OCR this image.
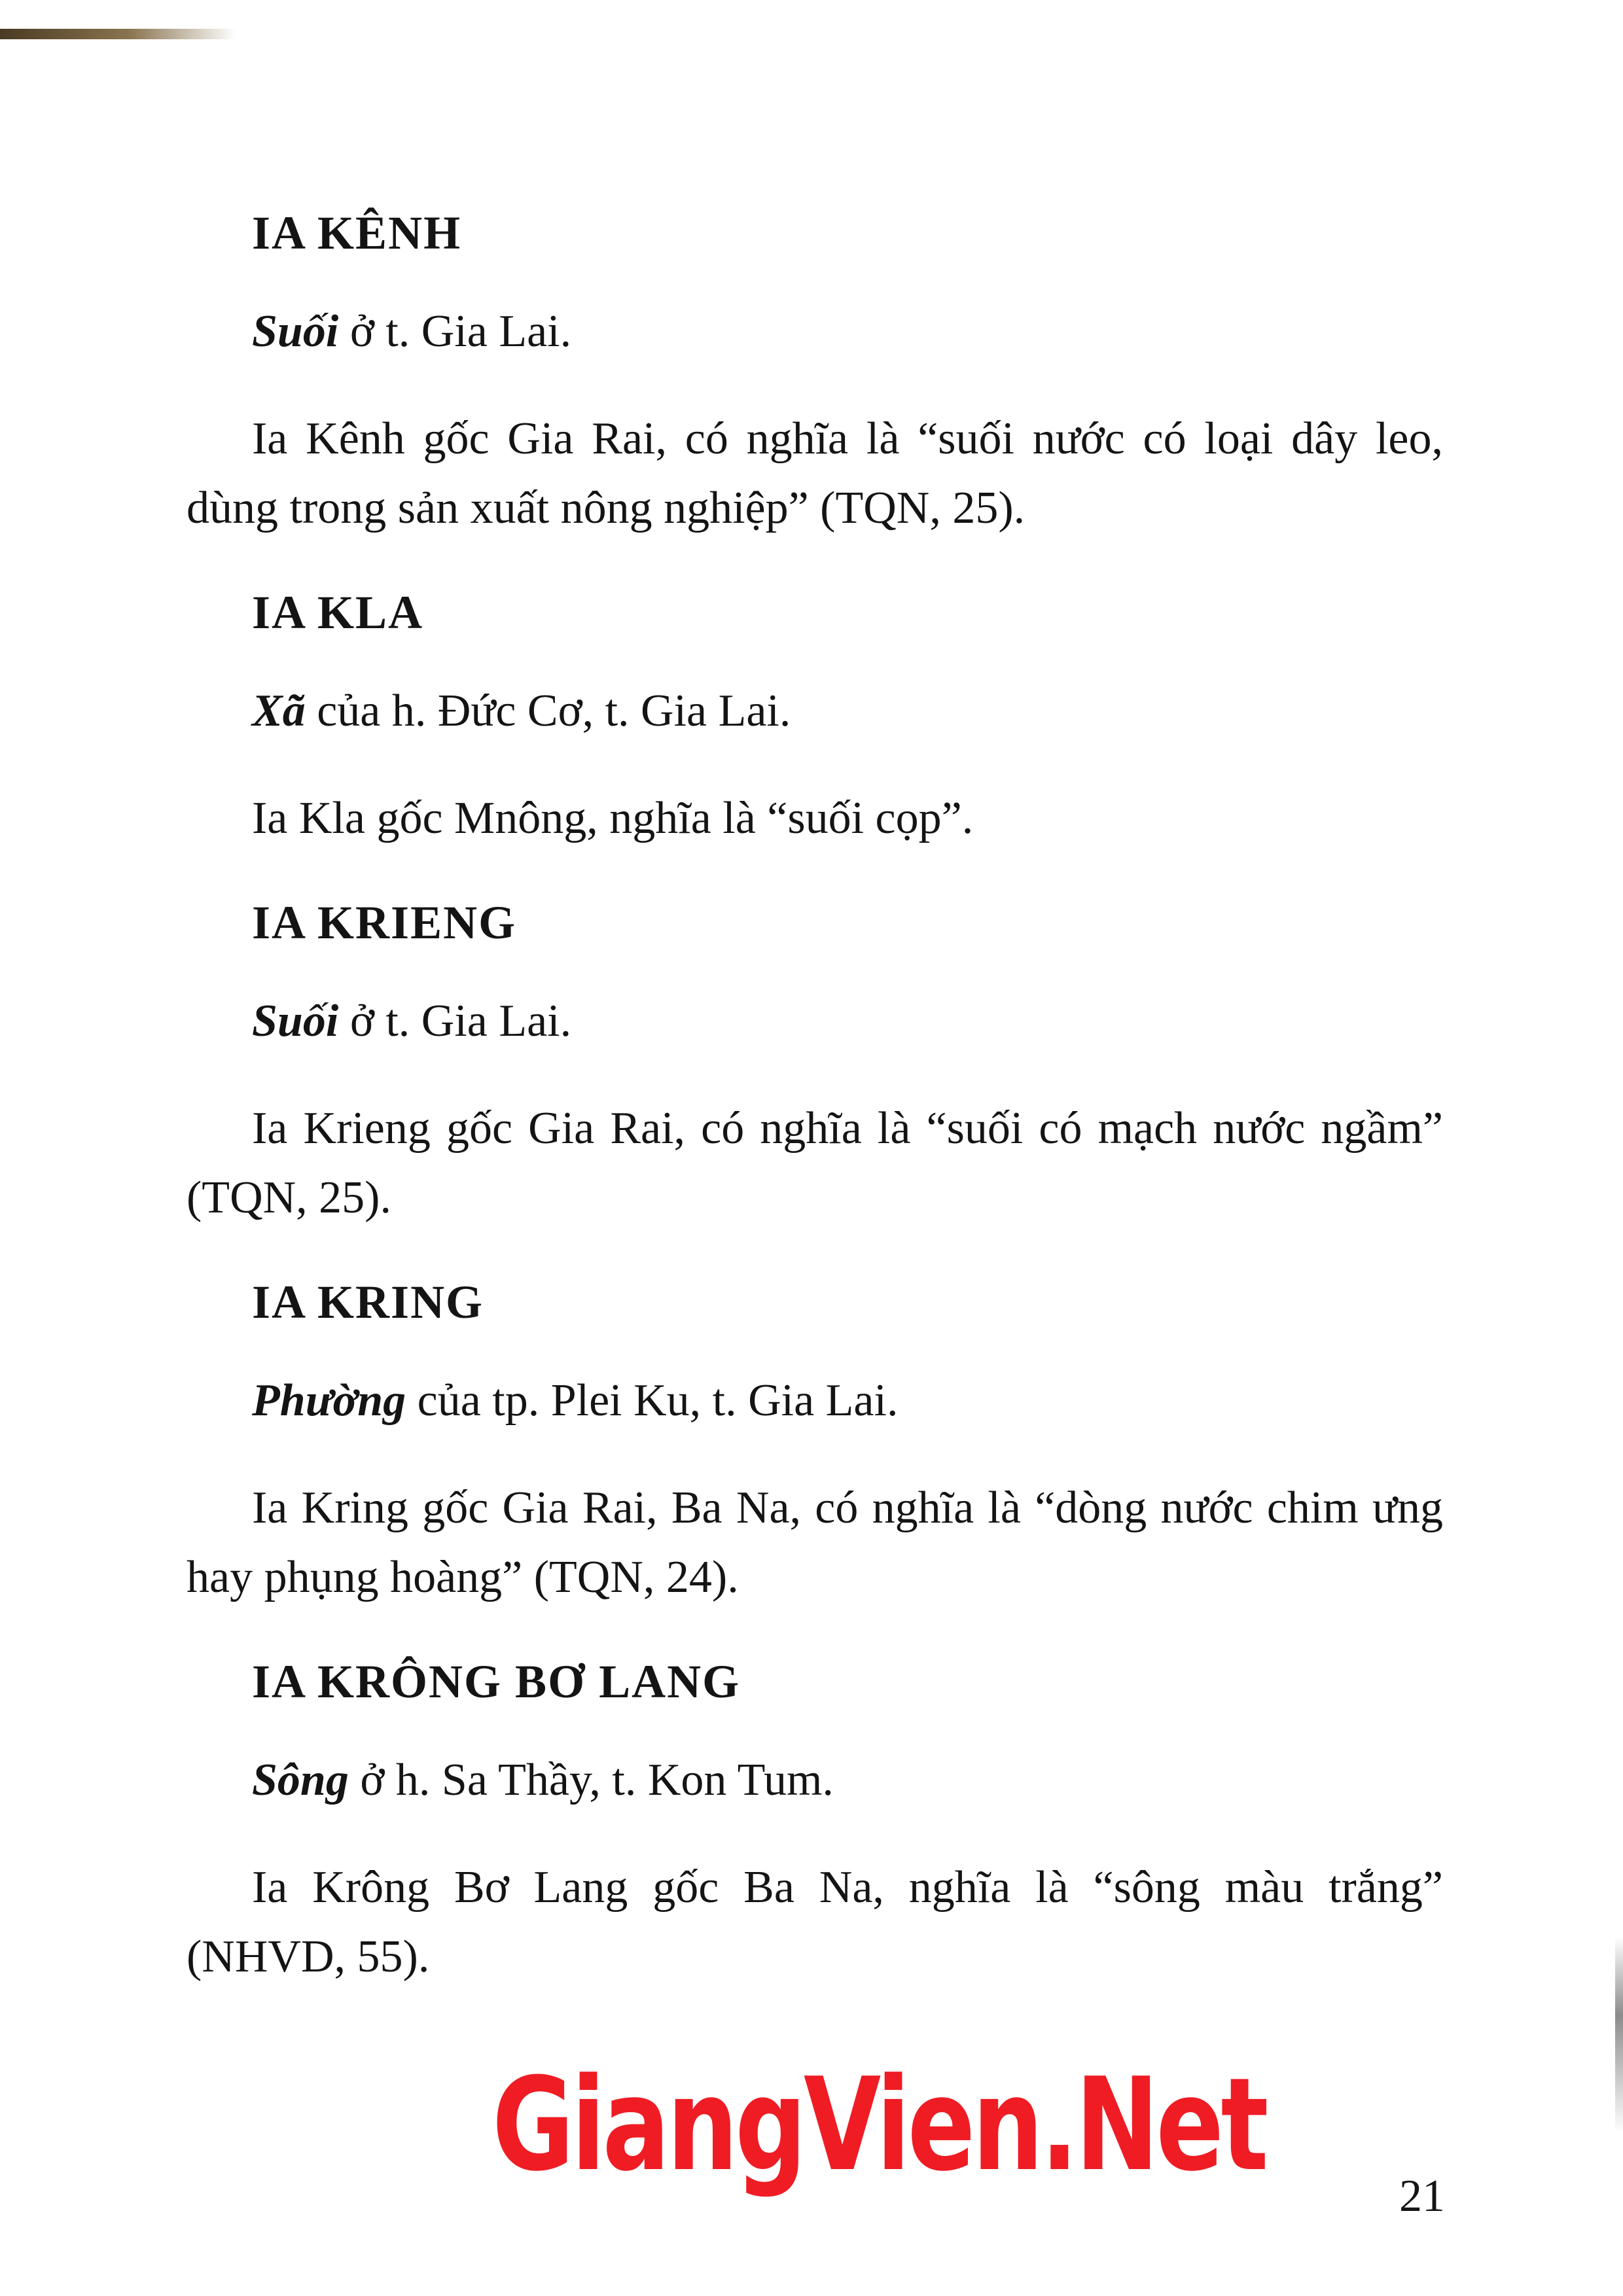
IA KÊNH
Suối ở t. Gia Lai.
Ia Kênh gốc Gia Rai, có nghĩa là “suối nước có loại dây leo, dùng trong sản xuất nông nghiệp” (TQN, 25).
IA KLA
Xã của h. Đức Cơ, t. Gia Lai.
Ia Kla gốc Mnông, nghĩa là “suối cọp”.
IA KRIENG
Suối ở t. Gia Lai.
Ia Krieng gốc Gia Rai, có nghĩa là “suối có mạch nước ngầm” (TQN, 25).
IA KRING
Phường của tp. Plei Ku, t. Gia Lai.
Ia Kring gốc Gia Rai, Ba Na, có nghĩa là “dòng nước chim ưng hay phụng hoàng” (TQN, 24).
IA KRÔNG BƠ LANG
Sông ở h. Sa Thầy, t. Kon Tum.
Ia Krông Bơ Lang gốc Ba Na, nghĩa là “sông màu trắng” (NHVD, 55).
GiangVien.Net	21
